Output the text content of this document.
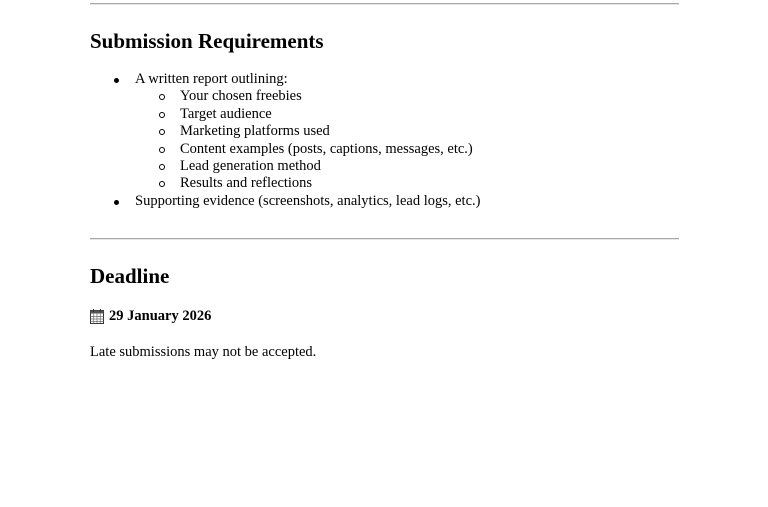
Submission Requirements
A written report outlining:
Your chosen freebies
Target audience
Marketing platforms used
Content examples (posts, captions, messages, etc.)
Lead generation method
Results and reflections
Supporting evidence (screenshots, analytics, lead logs, etc.)
Deadline
29 January 2026
Late submissions may not be accepted.
